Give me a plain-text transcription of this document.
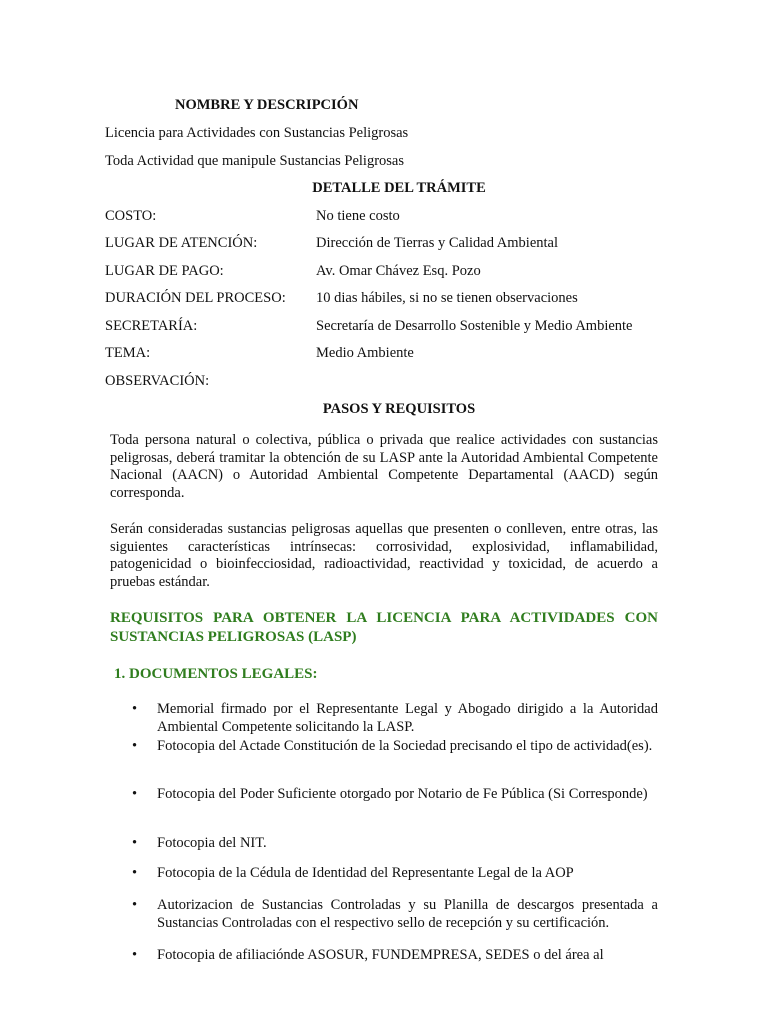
NOMBRE Y DESCRIPCIÓN
Licencia para Actividades con Sustancias Peligrosas
Toda Actividad que manipule Sustancias Peligrosas
DETALLE DEL TRÁMITE
COSTO:	No tiene costo
LUGAR DE ATENCIÓN:	Dirección de Tierras y Calidad Ambiental
LUGAR DE PAGO:	Av. Omar Chávez Esq. Pozo
DURACIÓN DEL PROCESO: 10 dias hábiles, si no se tienen observaciones
SECRETARÍA:	Secretaría de Desarrollo Sostenible y Medio Ambiente
TEMA:	Medio Ambiente
OBSERVACIÓN:
PASOS Y REQUISITOS
Toda persona natural o colectiva, pública o privada que realice actividades con sustancias peligrosas, deberá tramitar la obtención de su LASP ante la Autoridad Ambiental Competente Nacional (AACN) o Autoridad Ambiental Competente Departamental (AACD) según corresponda.
Serán consideradas sustancias peligrosas aquellas que presenten o conlleven, entre otras, las siguientes características intrínsecas: corrosividad, explosividad, inflamabilidad, patogenicidad o bioinfecciosidad, radioactividad, reactividad y toxicidad, de acuerdo a pruebas estándar.
REQUISITOS PARA OBTENER LA LICENCIA PARA ACTIVIDADES CON SUSTANCIAS PELIGROSAS (LASP)
1. DOCUMENTOS LEGALES:
• Memorial firmado por el Representante Legal y Abogado dirigido a la Autoridad Ambiental Competente solicitando la LASP.
• Fotocopia del Actade Constitución de la Sociedad precisando el tipo de actividad(es).
• Fotocopia del Poder Suficiente otorgado por Notario de Fe Pública (Si Corresponde)
• Fotocopia del NIT.
• Fotocopia de la Cédula de Identidad del Representante Legal de la AOP
• Autorizacion de Sustancias Controladas y su Planilla de descargos presentada a Sustancias Controladas con el respectivo sello de recepción y su certificación.
• Fotocopia de afiliaciónde ASOSUR, FUNDEMPRESA, SEDES o del área al
